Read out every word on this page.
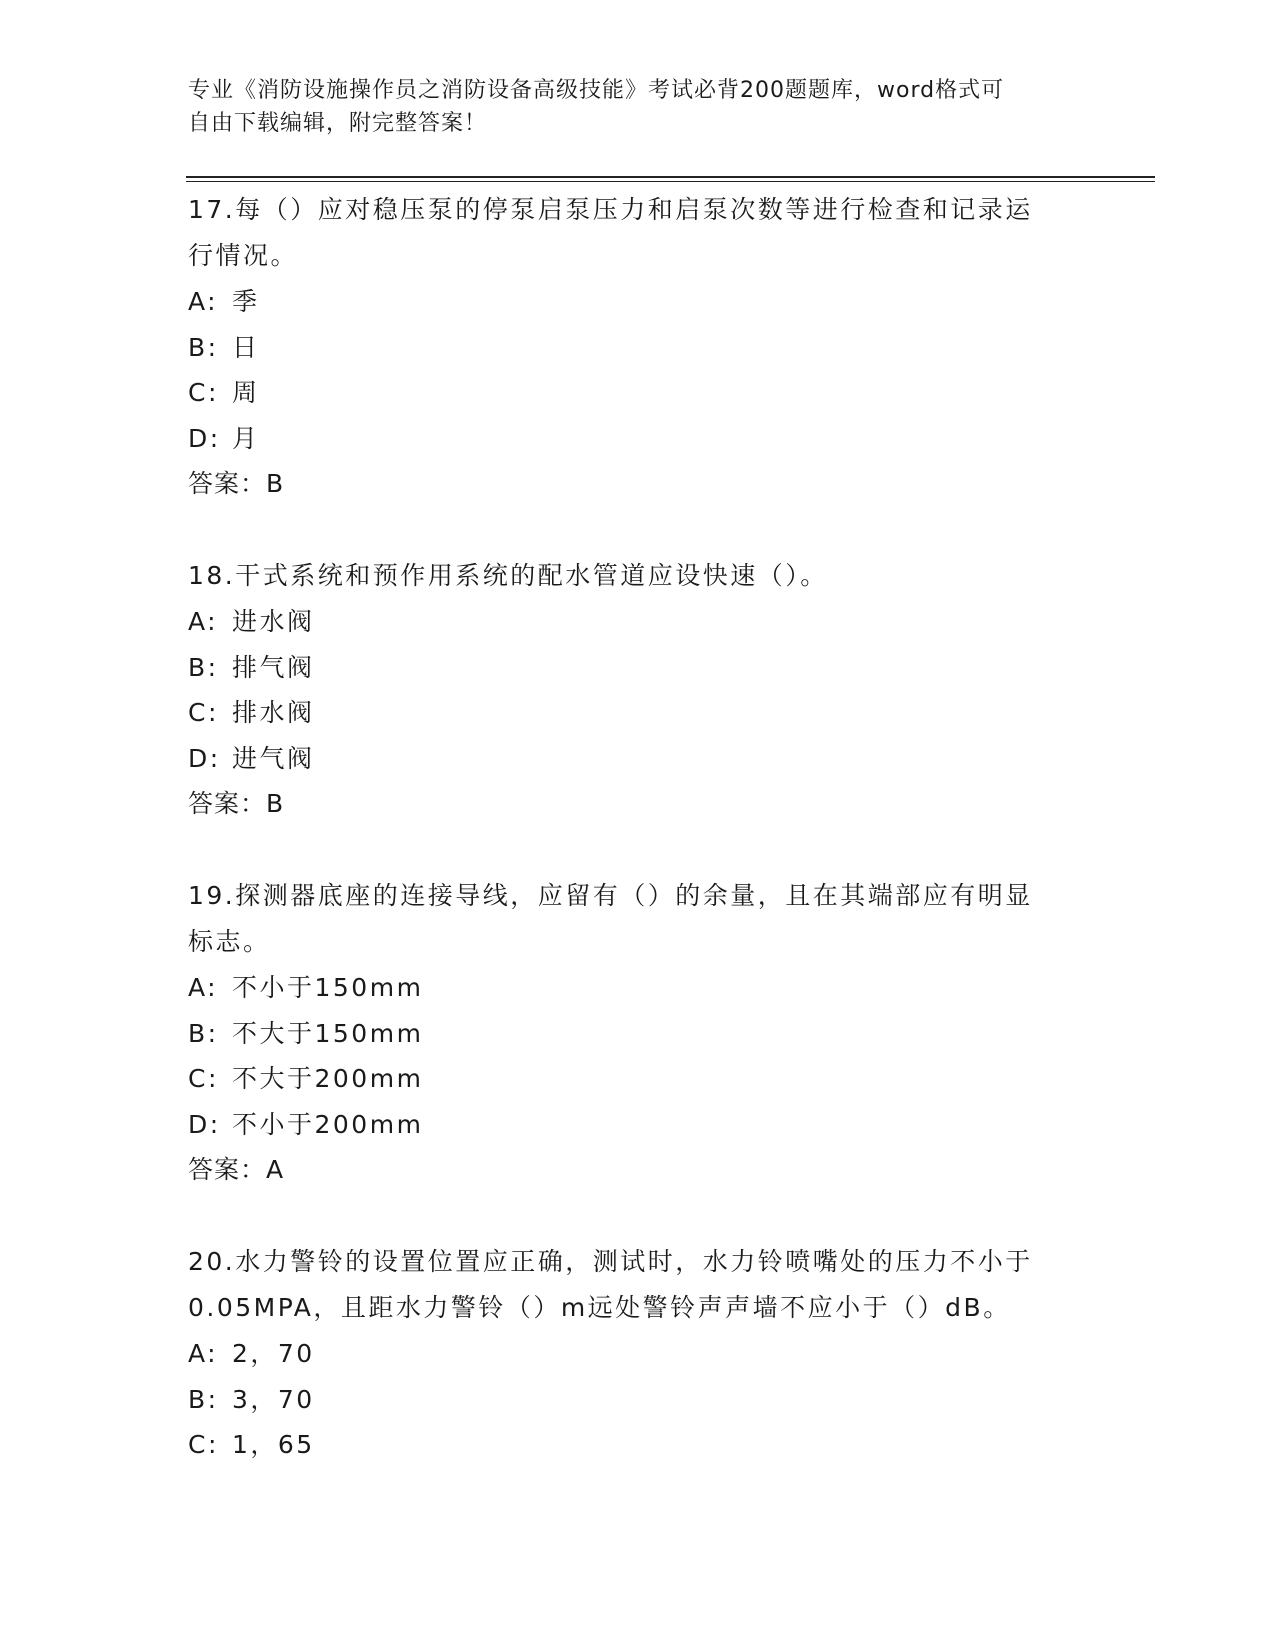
专业《消防设施操作员之消防设备高级技能》考试必背200题题库，word格式可
自由下载编辑，附完整答案！

17.每（）应对稳压泵的停泵启泵压力和启泵次数等进行检查和记录运
行情况。

A: 季

B: 日

C: 周

D: 月

答案：B

18.干式系统和预作用系统的配水管道应设快速（）。

A: 进水阀

B: 排气阀

C: 排水阀

D: 进气阀

答案：B

19.探测器底座的连接导线，应留有（）的余量，且在其端部应有明显
标志。

A: 不小于150mm

B: 不大于150mm

C: 不大于200mm

D: 不小于200mm

答案：A

20.水力警铃的设置位置应正确，测试时，水力铃喷嘴处的压力不小于
0.05MPA，且距水力警铃（）m远处警铃声声墙不应小于（）dB。

A: 2，70

B: 3，70

C: 1，65
